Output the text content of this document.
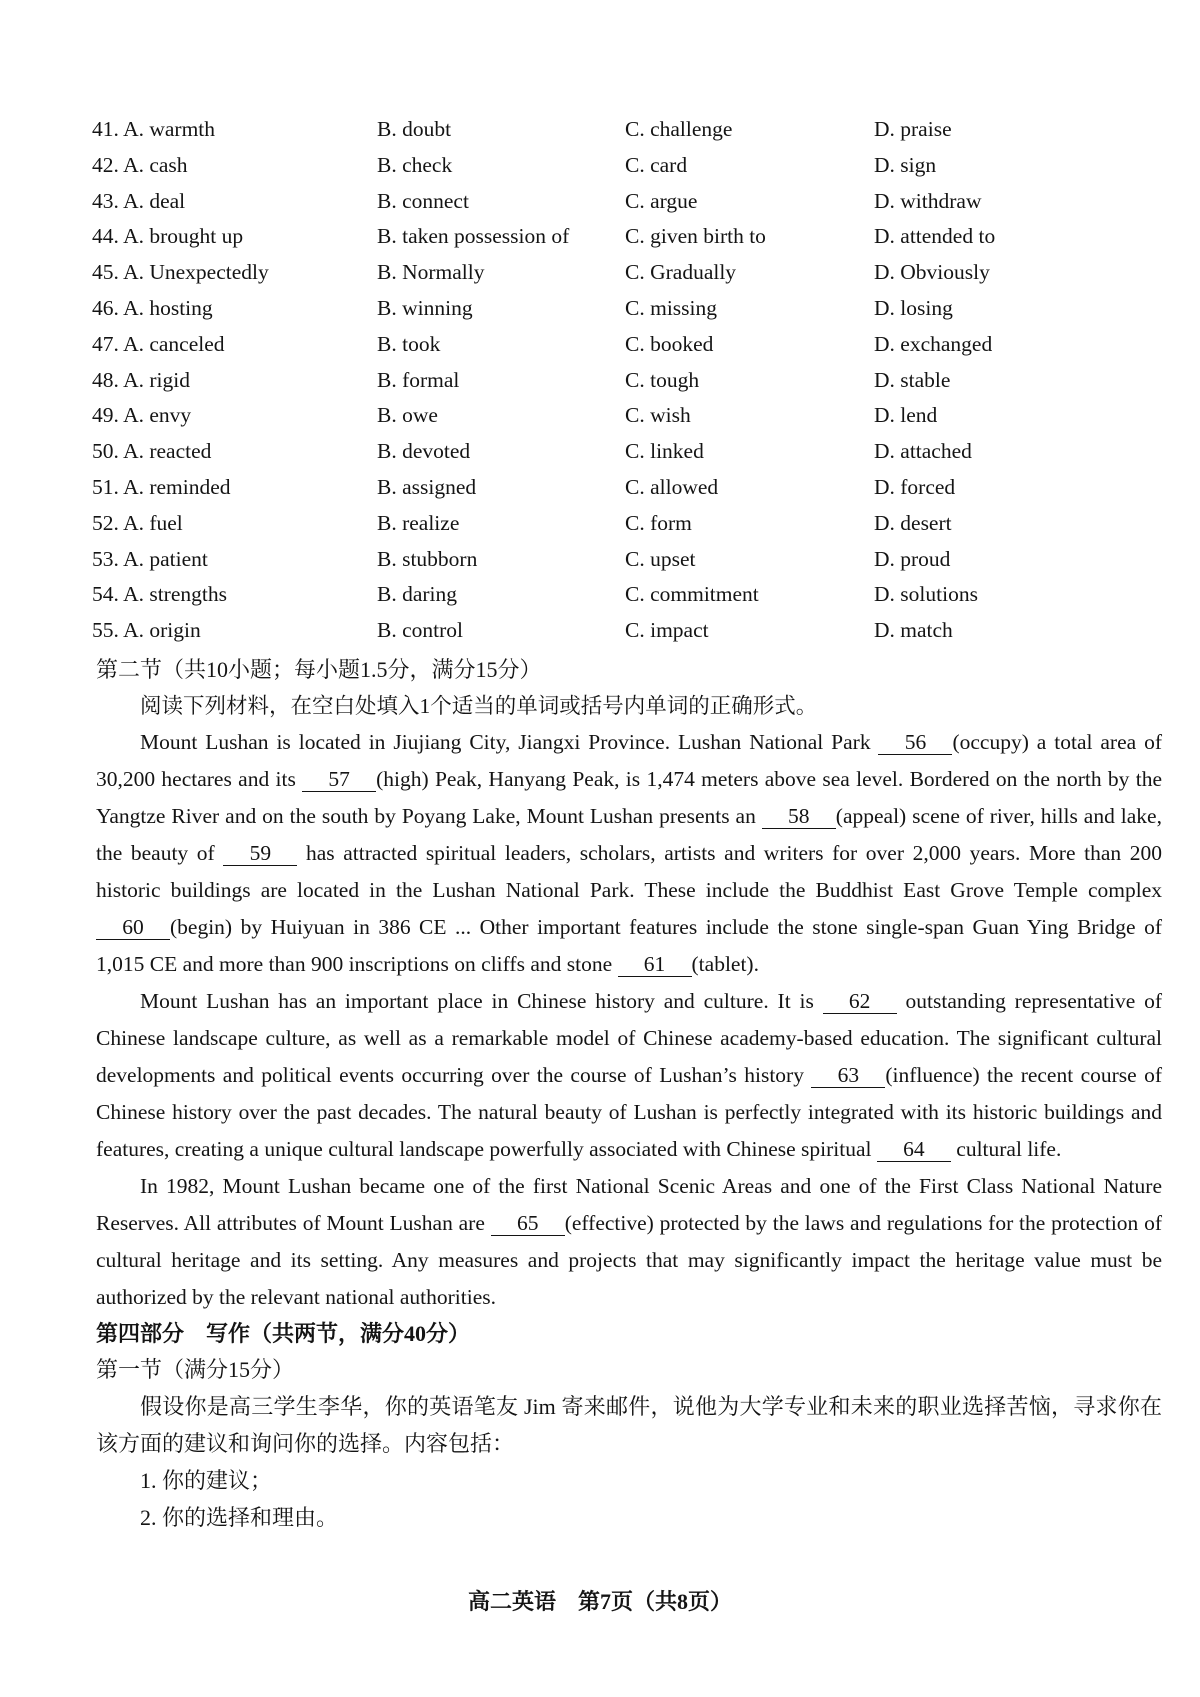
41. A. warmth	B. doubt	C. challenge	D. praise
42. A. cash	B. check	C. card	D. sign
43. A. deal	B. connect	C. argue	D. withdraw
44. A. brought up	B. taken possession of	C. given birth to	D. attended to
45. A. Unexpectedly	B. Normally	C. Gradually	D. Obviously
46. A. hosting	B. winning	C. missing	D. losing
47. A. canceled	B. took	C. booked	D. exchanged
48. A. rigid	B. formal	C. tough	D. stable
49. A. envy	B. owe	C. wish	D. lend
50. A. reacted	B. devoted	C. linked	D. attached
51. A. reminded	B. assigned	C. allowed	D. forced
52. A. fuel	B. realize	C. form	D. desert
53. A. patient	B. stubborn	C. upset	D. proud
54. A. strengths	B. daring	C. commitment	D. solutions
55. A. origin	B. control	C. impact	D. match
第二节（共10小题；每小题1.5分，满分15分）
阅读下列材料，在空白处填入1个适当的单词或括号内单词的正确形式。

Mount Lushan is located in Jiujiang City, Jiangxi Province. Lushan National Park 56 (occupy) a total area of 30,200 hectares and its 57 (high) Peak, Hanyang Peak, is 1,474 meters above sea level. Bordered on the north by the Yangtze River and on the south by Poyang Lake, Mount Lushan presents an 58 (appeal) scene of river, hills and lake, the beauty of 59 has attracted spiritual leaders, scholars, artists and writers for over 2,000 years. More than 200 historic buildings are located in the Lushan National Park. These include the Buddhist East Grove Temple complex 60 (begin) by Huiyuan in 386 CE ... Other important features include the stone single-span Guan Ying Bridge of 1,015 CE and more than 900 inscriptions on cliffs and stone 61 (tablet).

Mount Lushan has an important place in Chinese history and culture. It is 62 outstanding representative of Chinese landscape culture, as well as a remarkable model of Chinese academy-based education. The significant cultural developments and political events occurring over the course of Lushan’s history 63 (influence) the recent course of Chinese history over the past decades. The natural beauty of Lushan is perfectly integrated with its historic buildings and features, creating a unique cultural landscape powerfully associated with Chinese spiritual 64 cultural life.

In 1982, Mount Lushan became one of the first National Scenic Areas and one of the First Class National Nature Reserves. All attributes of Mount Lushan are 65 (effective) protected by the laws and regulations for the protection of cultural heritage and its setting. Any measures and projects that may significantly impact the heritage value must be authorized by the relevant national authorities.

第四部分　写作（共两节，满分40分）
第一节（满分15分）

假设你是高三学生李华，你的英语笔友 Jim 寄来邮件，说他为大学专业和未来的职业选择苦恼，寻求你在该方面的建议和询问你的选择。内容包括：

1. 你的建议；
2. 你的选择和理由。
高二英语　第7页（共8页）
